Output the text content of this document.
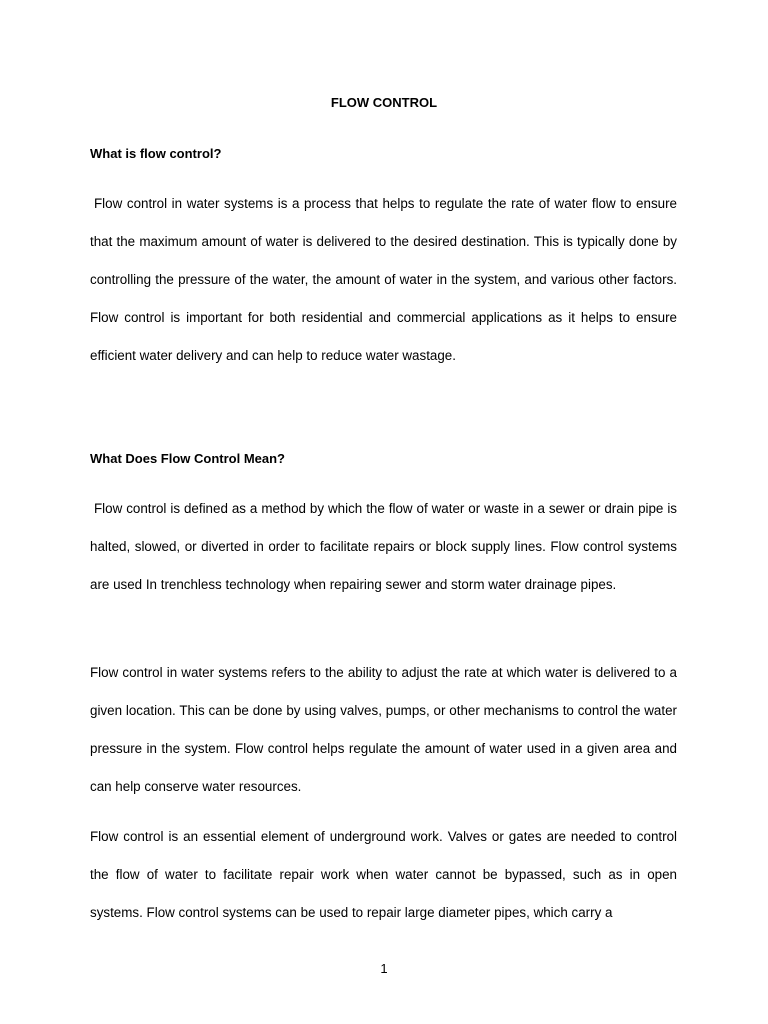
FLOW CONTROL
What is flow control?

Flow control in water systems is a process that helps to regulate the rate of water flow to ensure that the maximum amount of water is delivered to the desired destination. This is typically done by controlling the pressure of the water, the amount of water in the system, and various other factors. Flow control is important for both residential and commercial applications as it helps to ensure efficient water delivery and can help to reduce water wastage.

What Does Flow Control Mean?

Flow control is defined as a method by which the flow of water or waste in a sewer or drain pipe is halted, slowed, or diverted in order to facilitate repairs or block supply lines. Flow control systems are used In trenchless technology when repairing sewer and storm water drainage pipes.

Flow control in water systems refers to the ability to adjust the rate at which water is delivered to a given location. This can be done by using valves, pumps, or other mechanisms to control the water pressure in the system. Flow control helps regulate the amount of water used in a given area and can help conserve water resources.

Flow control is an essential element of underground work. Valves or gates are needed to control the flow of water to facilitate repair work when water cannot be bypassed, such as in open systems. Flow control systems can be used to repair large diameter pipes, which carry a

1
